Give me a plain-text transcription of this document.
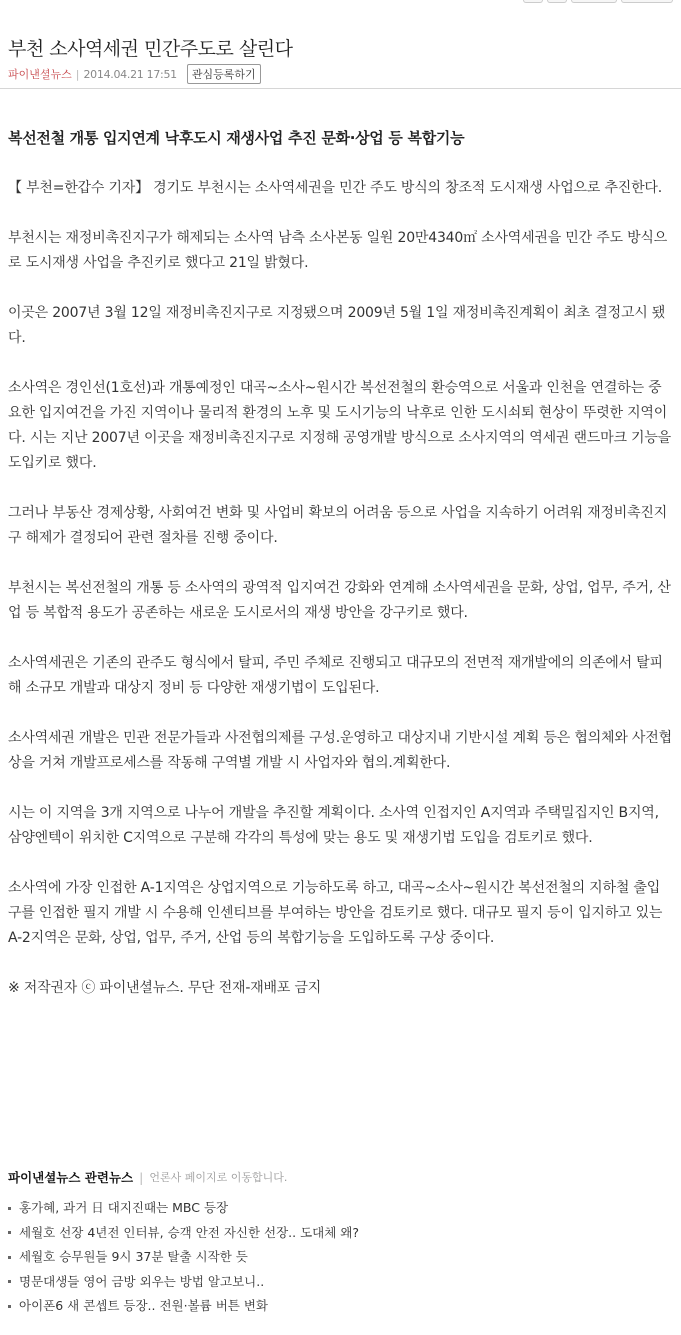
부천 소사역세권 민간주도로 살린다
파이낸셜뉴스 | 2014.04.21 17:51	관심등록하기
복선전철 개통 입지연계 낙후도시 재생사업 추진 문화·상업 등 복합기능

【 부천=한갑수 기자】 경기도 부천시는 소사역세권을 민간 주도 방식의 창조적 도시재생 사업으로 추진한다.

부천시는 재정비촉진지구가 해제되는 소사역 남측 소사본동 일원 20만4340㎡ 소사역세권을 민간 주도 방식으로 도시재생 사업을 추진키로 했다고 21일 밝혔다.

이곳은 2007년 3월 12일 재정비촉진지구로 지정됐으며 2009년 5월 1일 재정비촉진계획이 최초 결정고시 됐다.

소사역은 경인선(1호선)과 개통예정인 대곡~소사~원시간 복선전철의 환승역으로 서울과 인천을 연결하는 중요한 입지여건을 가진 지역이나 물리적 환경의 노후 및 도시기능의 낙후로 인한 도시쇠퇴 현상이 뚜렷한 지역이다. 시는 지난 2007년 이곳을 재정비촉진지구로 지정해 공영개발 방식으로 소사지역의 역세권 랜드마크 기능을 도입키로 했다.

그러나 부동산 경제상황, 사회여건 변화 및 사업비 확보의 어려움 등으로 사업을 지속하기 어려워 재정비촉진지구 해제가 결정되어 관련 절차를 진행 중이다.

부천시는 복선전철의 개통 등 소사역의 광역적 입지여건 강화와 연계해 소사역세권을 문화, 상업, 업무, 주거, 산업 등 복합적 용도가 공존하는 새로운 도시로서의 재생 방안을 강구키로 했다.

소사역세권은 기존의 관주도 형식에서 탈피, 주민 주체로 진행되고 대규모의 전면적 재개발에의 의존에서 탈피해 소규모 개발과 대상지 정비 등 다양한 재생기법이 도입된다.

소사역세권 개발은 민관 전문가들과 사전협의제를 구성.운영하고 대상지내 기반시설 계획 등은 협의체와 사전협상을 거쳐 개발프로세스를 작동해 구역별 개발 시 사업자와 협의.계획한다.

시는 이 지역을 3개 지역으로 나누어 개발을 추진할 계획이다. 소사역 인접지인 A지역과 주택밀집지인 B지역, 삼양엔텍이 위치한 C지역으로 구분해 각각의 특성에 맞는 용도 및 재생기법 도입을 검토키로 했다.

소사역에 가장 인접한 A-1지역은 상업지역으로 기능하도록 하고, 대곡~소사~원시간 복선전철의 지하철 출입구를 인접한 필지 개발 시 수용해 인센티브를 부여하는 방안을 검토키로 했다. 대규모 필지 등이 입지하고 있는 A-2지역은 문화, 상업, 업무, 주거, 산업 등의 복합기능을 도입하도록 구상 중이다.

※ 저작권자 ⓒ 파이낸셜뉴스. 무단 전재-재배포 금지

파이낸셜뉴스 관련뉴스 | 언론사 페이지로 이동합니다.
홍가혜, 과거 日 대지진때는 MBC 등장
세월호 선장 4년전 인터뷰, 승객 안전 자신한 선장.. 도대체 왜?
세월호 승무원들 9시 37분 탈출 시작한 듯
명문대생들 영어 금방 외우는 방법 알고보니..
아이폰6 새 콘셉트 등장.. 전원·볼륨 버튼 변화
